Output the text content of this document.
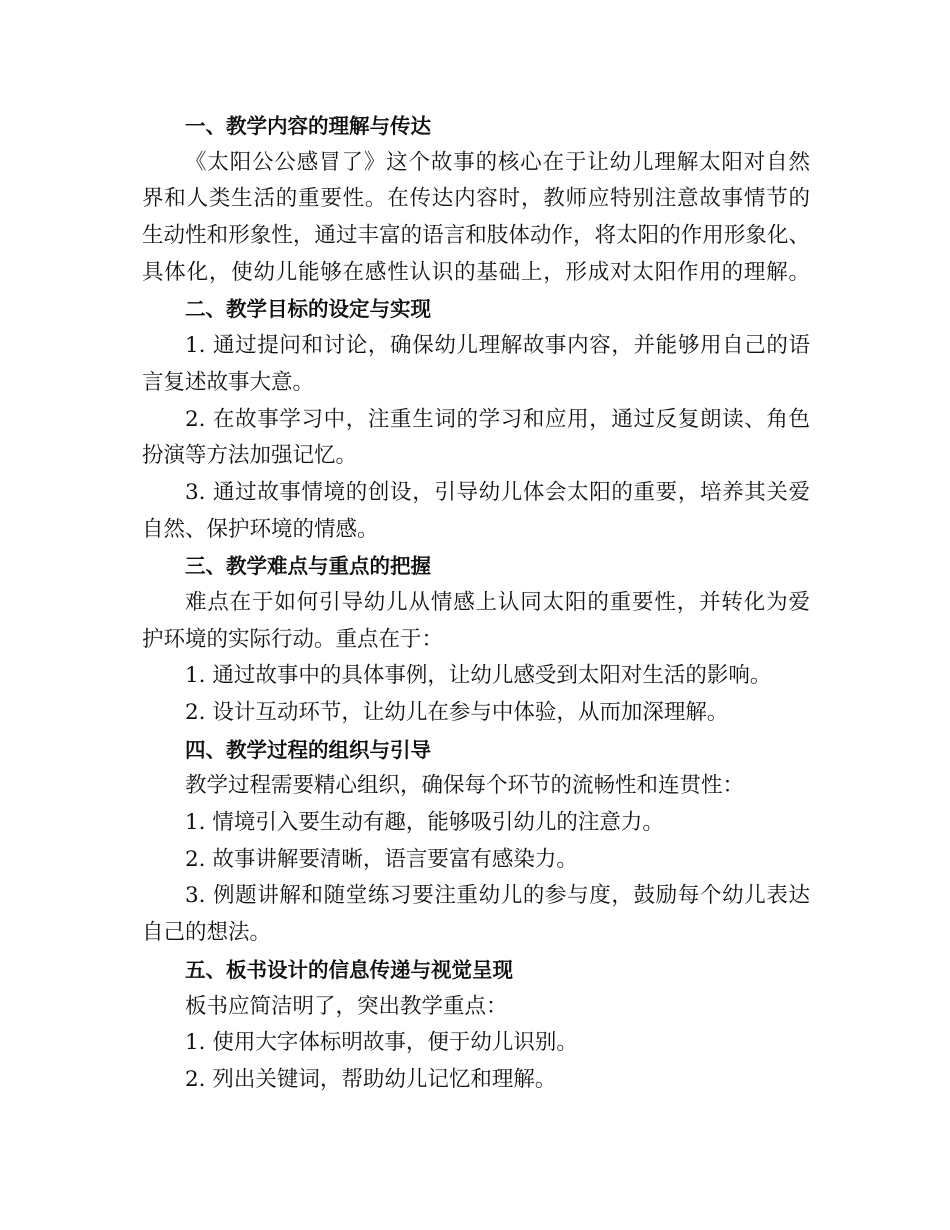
一、教学内容的理解与传达

《太阳公公感冒了》这个故事的核心在于让幼儿理解太阳对自然

界和人类生活的重要性。在传达内容时，教师应特别注意故事情节的

生动性和形象性，通过丰富的语言和肢体动作，将太阳的作用形象化、

具体化，使幼儿能够在感性认识的基础上，形成对太阳作用的理解。

二、教学目标的设定与实现

1. 通过提问和讨论，确保幼儿理解故事内容，并能够用自己的语

言复述故事大意。

2. 在故事学习中，注重生词的学习和应用，通过反复朗读、角色

扮演等方法加强记忆。

3. 通过故事情境的创设，引导幼儿体会太阳的重要，培养其关爱

自然、保护环境的情感。

三、教学难点与重点的把握

难点在于如何引导幼儿从情感上认同太阳的重要性，并转化为爱

护环境的实际行动。重点在于：

1. 通过故事中的具体事例，让幼儿感受到太阳对生活的影响。

2. 设计互动环节，让幼儿在参与中体验，从而加深理解。

四、教学过程的组织与引导

教学过程需要精心组织，确保每个环节的流畅性和连贯性：

1. 情境引入要生动有趣，能够吸引幼儿的注意力。

2. 故事讲解要清晰，语言要富有感染力。

3. 例题讲解和随堂练习要注重幼儿的参与度，鼓励每个幼儿表达

自己的想法。

五、板书设计的信息传递与视觉呈现

板书应简洁明了，突出教学重点：

1. 使用大字体标明故事，便于幼儿识别。

2. 列出关键词，帮助幼儿记忆和理解。
